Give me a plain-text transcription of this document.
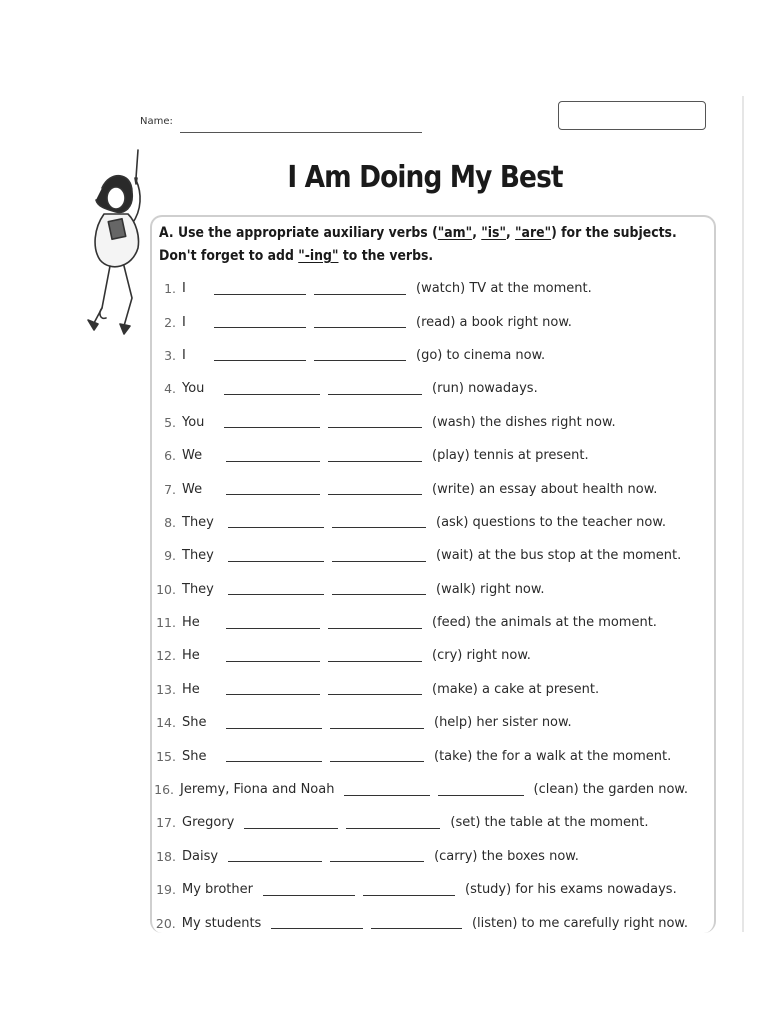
Name:
I Am Doing My Best
A. Use the appropriate auxiliary verbs ("am", "is", "are") for the subjects. Don't forget to add "-ing" to the verbs.
1. I	(watch) TV at the moment.
2. I	(read) a book right now.
3. I	(go) to cinema now.
4. You	(run) nowadays.
5. You	(wash) the dishes right now.
6. We	(play) tennis at present.
7. We	(write) an essay about health now.
8. They	(ask) questions to the teacher now.
9. They	(wait) at the bus stop at the moment.
10. They	(walk) right now.
11. He	(feed) the animals at the moment.
12. He	(cry) right now.
13. He	(make) a cake at present.
14. She	(help) her sister now.
15. She	(take) the for a walk at the moment.
16. Jeremy, Fiona and Noah	(clean) the garden now.
17. Gregory	(set) the table at the moment.
18. Daisy	(carry) the boxes now.
19. My brother	(study) for his exams nowadays.
20. My students	(listen) to me carefully right now.
